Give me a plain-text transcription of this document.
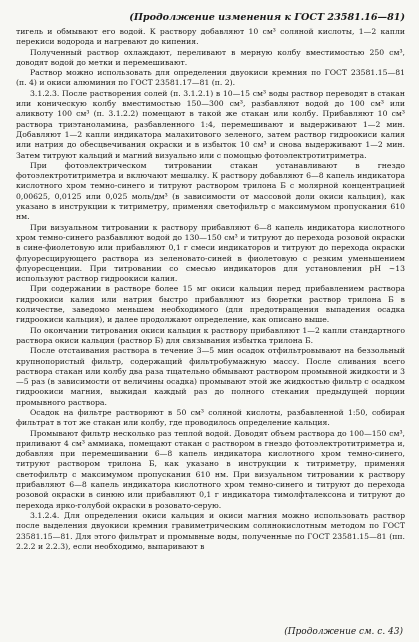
(Продолжение изменения к ГОСТ 23581.16—81)

тигель и обмывают его водой. К раствору добавляют 10 см³ соляной кислоты, 1—2 капли перекиси водорода и нагревают до кипения.

Полученный раствор охлаждают, переливают в мерную колбу вместимостью 250 см³, доводят водой до метки и перемешивают.

Раствор можно использовать для определения двуокиси кремния по ГОСТ 23581.15—81 (п. 4) и окиси алюминия по ГОСТ 23581.17—81 (п. 2).

3.1.2.3. После растворения солей (п. 3.1.2.1) в 10—15 см³ воды раствор переводят в стакан или коническую колбу вместимостью 150—300 см³, разбавляют водой до 100 см³ или аликвоту 100 см³ (п. 3.1.2.2) помещают в такой же стакан или колбу. Прибавляют 10 см³ раствора триэтаноламина, разбавленного 1:4, перемешивают и выдерживают 1—2 мин. Добавляют 1—2 капли индикатора малахитового зеленого, затем раствор гидроокиси калия или натрия до обесцвечивания окраски и в избыток 10 см³ и снова выдерживают 1—2 мин. Затем титруют кальций и магний визуально или с помощью фотоэлектротитриметра.

При фотоэлектрическом титровании стакан устанавливают в гнездо фотоэлектротитриметра и включают мешалку. К раствору добавляют 6—8 капель индикатора кислотного хром темно-синего и титруют раствором трилона Б с молярной концентрацией 0,00625, 0,0125 или 0,025 моль/дм³ (в зависимости от массовой доли окиси кальция), как указано в инструкции к титриметру, применяя светофильтр с максимумом пропускания 610 нм.

При визуальном титровании к раствору прибавляют 6—8 капель индикатора кислотного хром темно-синего разбавляют водой до 130—150 см³ и титруют до перехода розовой окраски в сине-фиолетовую или прибавляют 0,1 г смеси индикаторов и титруют до перехода окраски флуоресцирующего раствора из зеленовато-синей в фиолетовую с резким уменьшением флуоресценции. При титровании со смесью индикаторов для установления рН ~13 используют раствор гидроокиси калия.

При содержании в растворе более 15 мг окиси кальция перед прибавлением раствора гидроокиси калия или натрия быстро прибавляют из бюретки раствор трилона Б в количестве, заведомо меньшем необходимого (для предотвращения выпадения осадка гидроокиси кальция), и далее продолжают определение, как описано выше.

По окончании титрования окиси кальция к раствору прибавляют 1—2 капли стандартного раствора окиси кальция (раствор Б) для связывания избытка трилона Б.

После отстаивания раствора в течение 3—5 мин осадок отфильтровывают на беззольный крупнопористый фильтр, содержащий фильтробумажную массу. После сливания всего раствора стакан или колбу два раза тщательно обмывают раствором промывной жидкости и 3—5 раз (в зависимости от величины осадка) промывают этой же жидкостью фильтр с осадком гидроокиси магния, выжидая каждый раз до полного стекания предыдущей порции промывного раствора.

Осадок на фильтре растворяют в 50 см³ соляной кислоты, разбавленной 1:50, собирая фильтрат в тот же стакан или колбу, где проводилось определение кальция.

Промывают фильтр несколько раз теплой водой. Доводят объем раствора до 100—150 см³, приливают 4 см³ аммиака, помещают стакан с раствором в гнездо фотоэлектротитриметра и, добавляя при перемешивании 6—8 капель индикатора кислотного хром темно-синего, титруют раствором трилона Б, как указано в инструкции к титриметру, применяя светофильтр с максимумом пропускания 610 нм. При визуальном титровании к раствору прибавляют 6—8 капель индикатора кислотного хром темно-синего и титруют до перехода розовой окраски в синюю или прибавляют 0,1 г индикатора тимолфталексона и титруют до перехода ярко-голубой окраски в розовато-серую.

3.1.2.4. Для определения окиси кальция и окиси магния можно использовать раствор после выделения двуокиси кремния гравиметрическим солянокислотным методом по ГОСТ 23581.15—81. Для этого фильтрат и промывные воды, полученные по ГОСТ 23581.15—81 (пп. 2.2.2 и 2.2.3), если необходимо, выпаривают в

(Продолжение см. с. 43)
